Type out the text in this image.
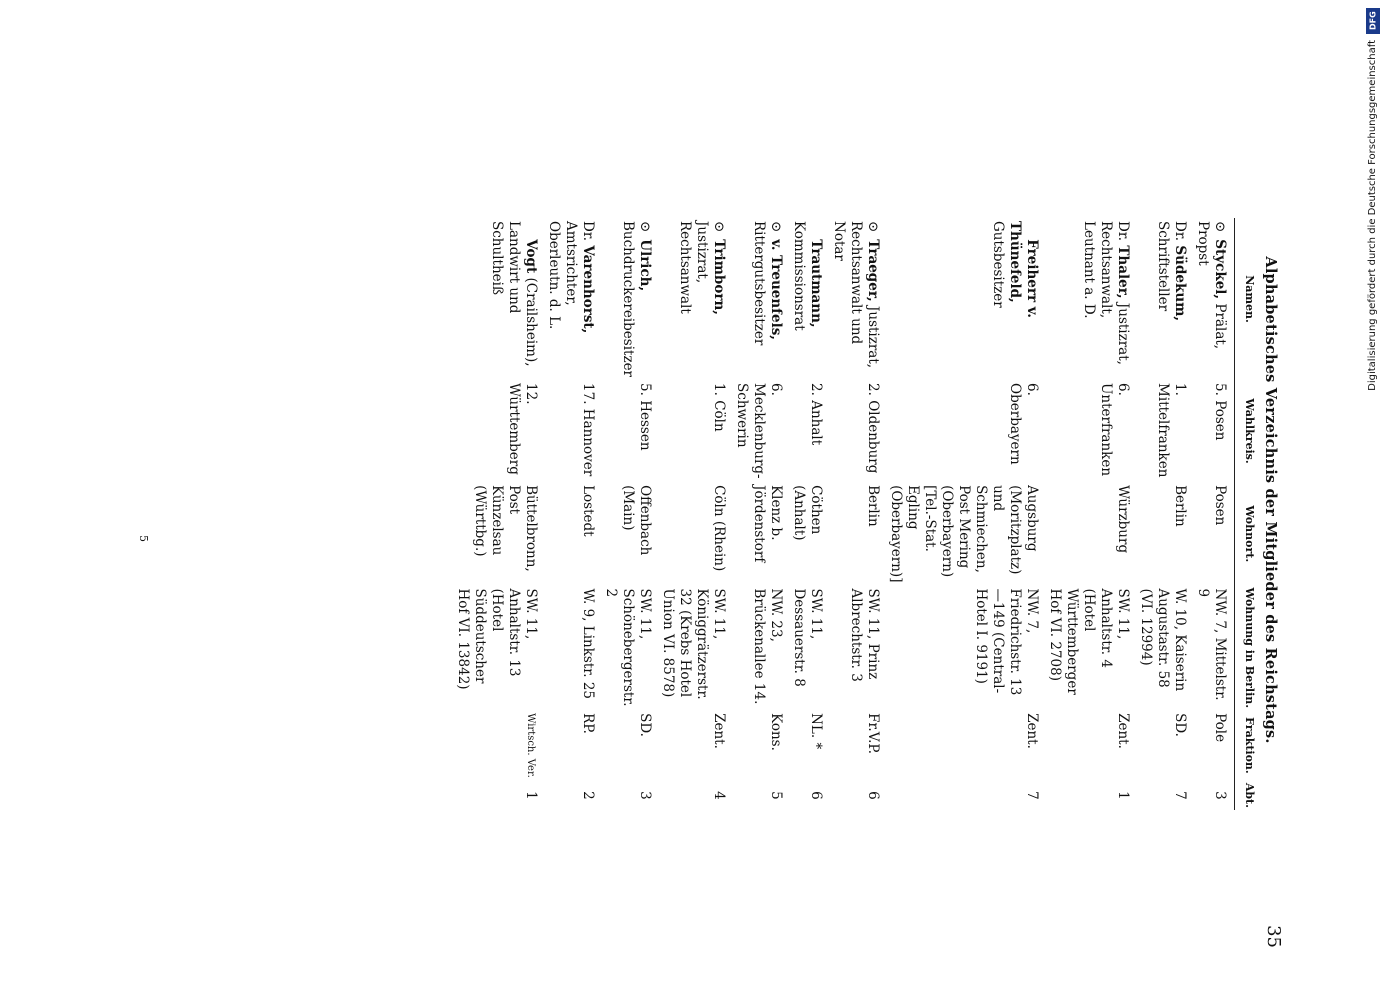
35
Alphabetisches Verzeichnis der Mitglieder des Reichstags.
Namen.	Wahlkreis.	Wohnort.	Wohnung in Berlin.	Fraktion.	Abt.
⊙ Styckel, Prälat, Propst	5. Posen	Posen	NW. 7, Mittelstr. 9	Pole	3
Dr. Südekum, Schriftsteller	1. Mittelfranken	Berlin	W. 10, Kaiserin Augustastr. 58 (VI. 12994)	SD.	7
Dr. Thaler, Justizrat, Rechtsanwalt, Leutnant a. D.	6. Unterfranken	Würzburg	SW. 11, Anhaltstr. 4 (Hotel Württemberger Hof VI. 2708)	Zent.	1
Freiherr v. Thünefeld, Gutsbesitzer	6. Oberbayern	Augsburg (Moritzplatz) und Schmiechen, Post Mering (Oberbayern) [Tel.-Stat. Egling (Oberbayern)]	NW. 7, Friedrichstr. 13—149 (Central-Hotel I. 9191)	Zent.	7
⊙ Traeger, Justizrat, Rechtsanwalt und Notar	2. Oldenburg	Berlin	SW. 11, Prinz Albrechtstr. 3	Fr.V.P.	6
Trautmann, Kommissionsrat	2. Anhalt	Cöthen (Anhalt)	SW. 11, Dessauerstr. 8	NL. *	6
⊙ v. Treuenfels, Rittergutsbesitzer	6. Mecklenburg-Schwerin	Klenz b. Jördenstorf	NW. 23, Brückenallee 14.	Kons.	5
⊙ Trimborn, Justizrat, Rechtsanwalt	1. Cöln	Cöln (Rhein)	SW. 11, Königgrätzerstr. 32 (Krebs Hotel Union VI. 8578)	Zent.	4
⊙ Ulrich, Buchdruckereibesitzer	5. Hessen	Offenbach (Main)	SW. 11, Schönebergerstr. 2	SD.	3
Dr. Varenhorst, Amtsrichter, Oberleutn. d. L.	17. Hannover	Lostedt	W. 9, Linkstr. 25	RP.	2
Vogt (Crailsheim), Landwirt und Schultheiß	12. Württemberg	Büttelbronn, Post Künzelsau (Württbg.)	SW. 11, Anhaltstr. 13 (Hotel Süddeutscher Hof VI. 13842)	Wirtsch. Ver.	1
5
DFG
Digitalisierung gefördert durch die Deutsche Forschungsgemeinschaft
